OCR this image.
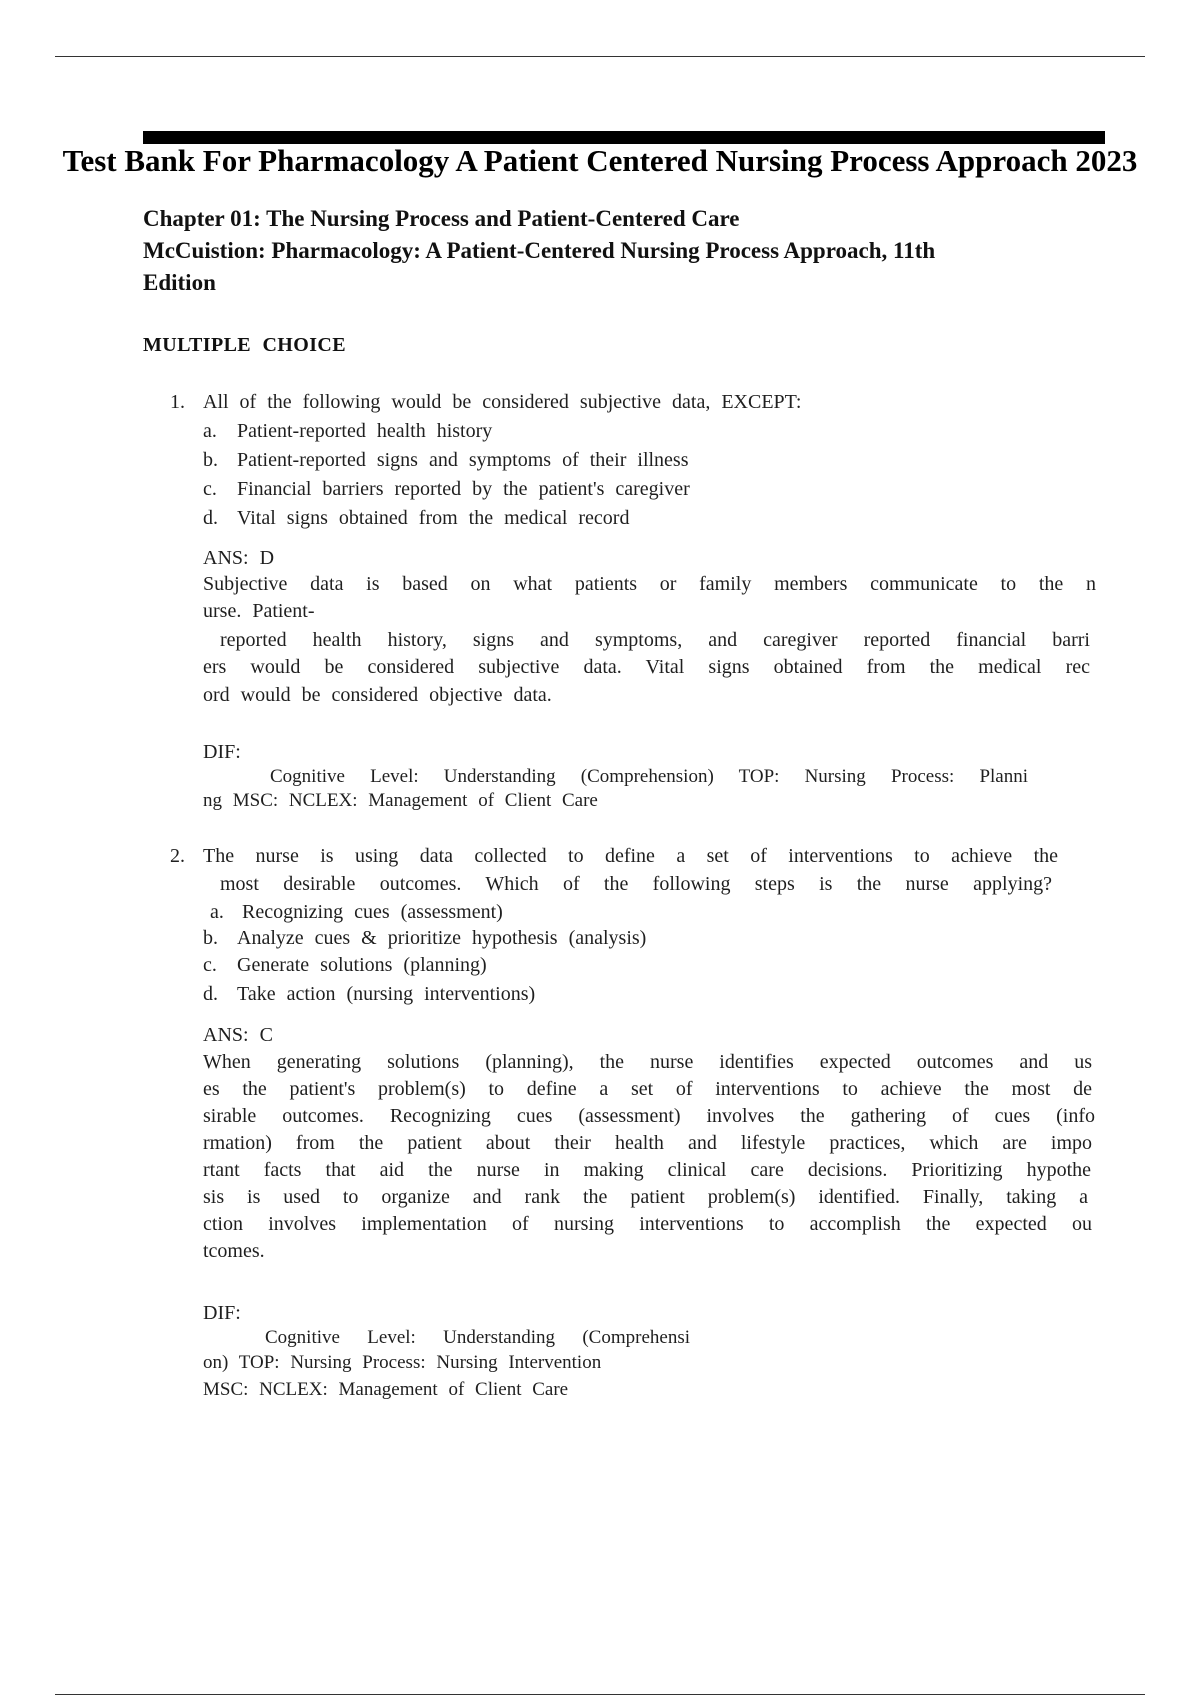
Test Bank For Pharmacology A Patient Centered Nursing Process Approach 2023
Chapter 01: The Nursing Process and Patient-Centered Care
McCuistion: Pharmacology: A Patient-Centered Nursing Process Approach, 11th
Edition
MULTIPLE CHOICE
1. All of the following would be considered subjective data, EXCEPT:
a. Patient-reported health history
b. Patient-reported signs and symptoms of their illness
c. Financial barriers reported by the patient's caregiver
d. Vital signs obtained from the medical record
ANS: D
Subjective data is based on what patients or family members communicate to the n
urse. Patient-
reported health history, signs and symptoms, and caregiver reported financial barri
ers would be considered subjective data. Vital signs obtained from the medical rec
ord would be considered objective data.
DIF:
Cognitive Level: Understanding (Comprehension) TOP: Nursing Process: Planni
ng MSC: NCLEX: Management of Client Care
2. The nurse is using data collected to define a set of interventions to achieve the
most desirable outcomes. Which of the following steps is the nurse applying?
a. Recognizing cues (assessment)
b. Analyze cues & prioritize hypothesis (analysis)
c. Generate solutions (planning)
d. Take action (nursing interventions)
ANS: C
When generating solutions (planning), the nurse identifies expected outcomes and us
es the patient's problem(s) to define a set of interventions to achieve the most de
sirable outcomes. Recognizing cues (assessment) involves the gathering of cues (info
rmation) from the patient about their health and lifestyle practices, which are impo
rtant facts that aid the nurse in making clinical care decisions. Prioritizing hypothe
sis is used to organize and rank the patient problem(s) identified. Finally, taking a
ction involves implementation of nursing interventions to accomplish the expected ou
tcomes.
DIF:
Cognitive Level: Understanding (Comprehensi
on) TOP: Nursing Process: Nursing Intervention
MSC: NCLEX: Management of Client Care
